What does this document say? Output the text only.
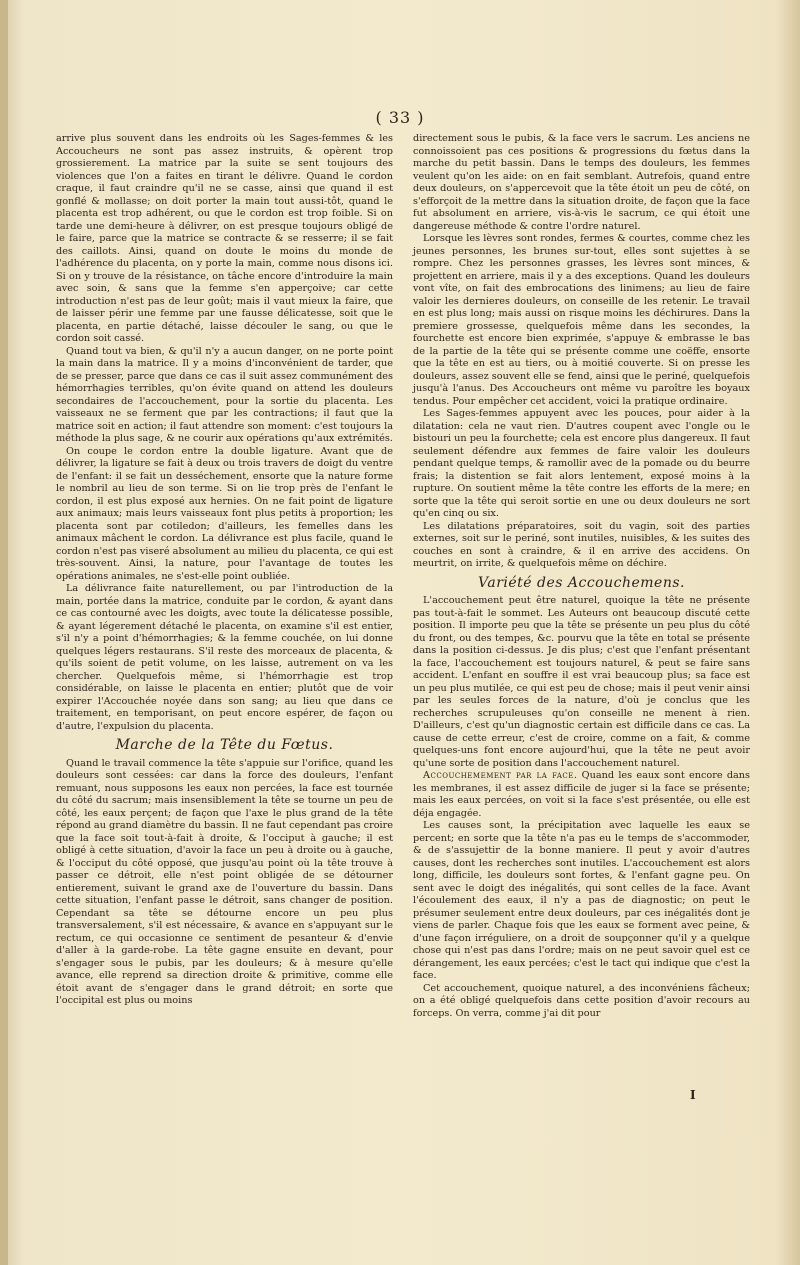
( 33 )

arrive plus souvent dans les endroits où les Sages-femmes & les Accoucheurs ne sont pas assez instruits, & opèrent trop grossierement. La matrice par la suite se sent toujours des violences que l'on a faites en tirant le délivre. Quand le cordon craque, il faut craindre qu'il ne se casse, ainsi que quand il est gonflé & mollasse; on doit porter la main tout aussi-tôt, quand le placenta est trop adhérent, ou que le cordon est trop foible. Si on tarde une demi-heure à délivrer, on est presque toujours obligé de le faire, parce que la matrice se contracte & se resserre; il se fait des caillots. Ainsi, quand on doute le moins du monde de l'adhérence du placenta, on y porte la main, comme nous disons ici. Si on y trouve de la résistance, on tâche encore d'introduire la main avec soin, & sans que la femme s'en apperçoive; car cette introduction n'est pas de leur goût; mais il vaut mieux la faire, que de laisser périr une femme par une fausse délicatesse, soit que le placenta, en partie détaché, laisse découler le sang, ou que le cordon soit cassé.

Quand tout va bien, & qu'il n'y a aucun danger, on ne porte point la main dans la matrice. Il y a moins d'inconvénient de tarder, que de se presser, parce que dans ce cas il suit assez communément des hémorrhagies terribles, qu'on évite quand on attend les douleurs secondaires de l'accouchement, pour la sortie du placenta. Les vaisseaux ne se ferment que par les contractions; il faut que la matrice soit en action; il faut attendre son moment: c'est toujours la méthode la plus sage, & ne courir aux opérations qu'aux extrémités.

On coupe le cordon entre la double ligature. Avant que de délivrer, la ligature se fait à deux ou trois travers de doigt du ventre de l'enfant: il se fait un desséchement, ensorte que la nature forme le nombril au lieu de son terme. Si on lie trop près de l'enfant le cordon, il est plus exposé aux hernies. On ne fait point de ligature aux animaux; mais leurs vaisseaux font plus petits à proportion; les placenta sont par cotiledon; d'ailleurs, les femelles dans les animaux mâchent le cordon. La délivrance est plus facile, quand le cordon n'est pas viseré absolument au milieu du placenta, ce qui est très-souvent. Ainsi, la nature, pour l'avantage de toutes les opérations animales, ne s'est-elle point oubliée.

La délivrance faite naturellement, ou par l'introduction de la main, portée dans la matrice, conduite par le cordon, & ayant dans ce cas contourné avec les doigts, avec toute la délicatesse possible, & ayant légerement détaché le placenta, on examine s'il est entier, s'il n'y a point d'hémorrhagies; & la femme couchée, on lui donne quelques légers restaurans. S'il reste des morceaux de placenta, & qu'ils soient de petit volume, on les laisse, autrement on va les chercher. Quelquefois même, si l'hémorrhagie est trop considérable, on laisse le placenta en entier; plutôt que de voir expirer l'Accouchée noyée dans son sang; au lieu que dans ce traitement, en temporisant, on peut encore espérer, de façon ou d'autre, l'expulsion du placenta.

Marche de la Tête du Fœtus.

Quand le travail commence la tête s'appuie sur l'orifice, quand les douleurs sont cessées: car dans la force des douleurs, l'enfant remuant, nous supposons les eaux non percées, la face est tournée du côté du sacrum; mais insensiblement la tête se tourne un peu de côté, les eaux perçent; de façon que l'axe le plus grand de la tête répond au grand diamètre du bassin. Il ne faut cependant pas croire que la face soit tout-à-fait à droite, & l'occiput à gauche; il est obligé à cette situation, d'avoir la face un peu à droite ou à gauche, & l'occiput du côté opposé, que jusqu'au point où la tête trouve à passer ce détroit, elle n'est point obligée de se détourner entierement, suivant le grand axe de l'ouverture du bassin. Dans cette situation, l'enfant passe le détroit, sans changer de position. Cependant sa tête se détourne encore un peu plus transversalement, s'il est nécessaire, & avance en s'appuyant sur le rectum, ce qui occasionne ce sentiment de pesanteur & d'envie d'aller à la garde-robe. La tête gagne ensuite en devant, pour s'engager sous le pubis, par les douleurs; & à mesure qu'elle avance, elle reprend sa direction droite & primitive, comme elle étoit avant de s'engager dans le grand détroit; en sorte que l'occipital est plus ou moins

directement sous le pubis, & la face vers le sacrum. Les anciens ne connoissoient pas ces positions & progressions du fœtus dans la marche du petit bassin. Dans le temps des douleurs, les femmes veulent qu'on les aide: on en fait semblant. Autrefois, quand entre deux douleurs, on s'appercevoit que la tête étoit un peu de côté, on s'efforçoit de la mettre dans la situation droite, de façon que la face fut absolument en arriere, vis-à-vis le sacrum, ce qui étoit une dangereuse méthode & contre l'ordre naturel.

Lorsque les lèvres sont rondes, fermes & courtes, comme chez les jeunes personnes, les brunes sur-tout, elles sont sujettes à se rompre. Chez les personnes grasses, les lèvres sont minces, & projettent en arriere, mais il y a des exceptions. Quand les douleurs vont vîte, on fait des embrocations des linimens; au lieu de faire valoir les dernieres douleurs, on conseille de les retenir. Le travail en est plus long; mais aussi on risque moins les déchirures. Dans la premiere grossesse, quelquefois même dans les secondes, la fourchette est encore bien exprimée, s'appuye & embrasse le bas de la partie de la tête qui se présente comme une coëffe, ensorte que la tête en est au tiers, ou à moitié couverte. Si on presse les douleurs, assez souvent elle se fend, ainsi que le periné, quelquefois jusqu'à l'anus. Des Accoucheurs ont même vu paroître les boyaux tendus. Pour empêcher cet accident, voici la pratique ordinaire.

Les Sages-femmes appuyent avec les pouces, pour aider à la dilatation: cela ne vaut rien. D'autres coupent avec l'ongle ou le bistouri un peu la fourchette; cela est encore plus dangereux. Il faut seulement défendre aux femmes de faire valoir les douleurs pendant quelque temps, & ramollir avec de la pomade ou du beurre frais; la distention se fait alors lentement, exposé moins à la rupture. On soutient même la tête contre les efforts de la mere; en sorte que la tête qui seroit sortie en une ou deux douleurs ne sort qu'en cinq ou six.

Les dilatations préparatoires, soit du vagin, soit des parties externes, soit sur le periné, sont inutiles, nuisibles, & les suites des couches en sont à craindre, & il en arrive des accidens. On meurtrit, on irrite, & quelquefois même on déchire.

Variété des Accouchemens.

L'accouchement peut être naturel, quoique la tête ne présente pas tout-à-fait le sommet. Les Auteurs ont beaucoup discuté cette position. Il importe peu que la tête se présente un peu plus du côté du front, ou des tempes, &c. pourvu que la tête en total se présente dans la position ci-dessus. Je dis plus; c'est que l'enfant présentant la face, l'accouchement est toujours naturel, & peut se faire sans accident. L'enfant en souffre il est vrai beaucoup plus; sa face est un peu plus mutilée, ce qui est peu de chose; mais il peut venir ainsi par les seules forces de la nature, d'où je conclus que les recherches scrupuleuses qu'on conseille ne menent à rien. D'ailleurs, c'est qu'un diagnostic certain est difficile dans ce cas. La cause de cette erreur, c'est de croire, comme on a fait, & comme quelques-uns font encore aujourd'hui, que la tête ne peut avoir qu'une sorte de position dans l'accouchement naturel.

Accouchemement par la face. Quand les eaux sont encore dans les membranes, il est assez difficile de juger si la face se présente; mais les eaux percées, on voit si la face s'est présentée, ou elle est déja engagée.

Les causes sont, la précipitation avec laquelle les eaux se percent; en sorte que la tête n'a pas eu le temps de s'accommoder, & de s'assujettir de la bonne maniere. Il peut y avoir d'autres causes, dont les recherches sont inutiles. L'accouchement est alors long, difficile, les douleurs sont fortes, & l'enfant gagne peu. On sent avec le doigt des inégalités, qui sont celles de la face. Avant l'écoulement des eaux, il n'y a pas de diagnostic; on peut le présumer seulement entre deux douleurs, par ces inégalités dont je viens de parler. Chaque fois que les eaux se forment avec peine, & d'une façon irréguliere, on a droit de soupçonner qu'il y a quelque chose qui n'est pas dans l'ordre; mais on ne peut savoir quel est ce dérangement, les eaux percées; c'est le tact qui indique que c'est la face.

Cet accouchement, quoique naturel, a des inconvéniens fâcheux; on a été obligé quelquefois dans cette position d'avoir recours au forceps. On verra, comme j'ai dit pour

I
